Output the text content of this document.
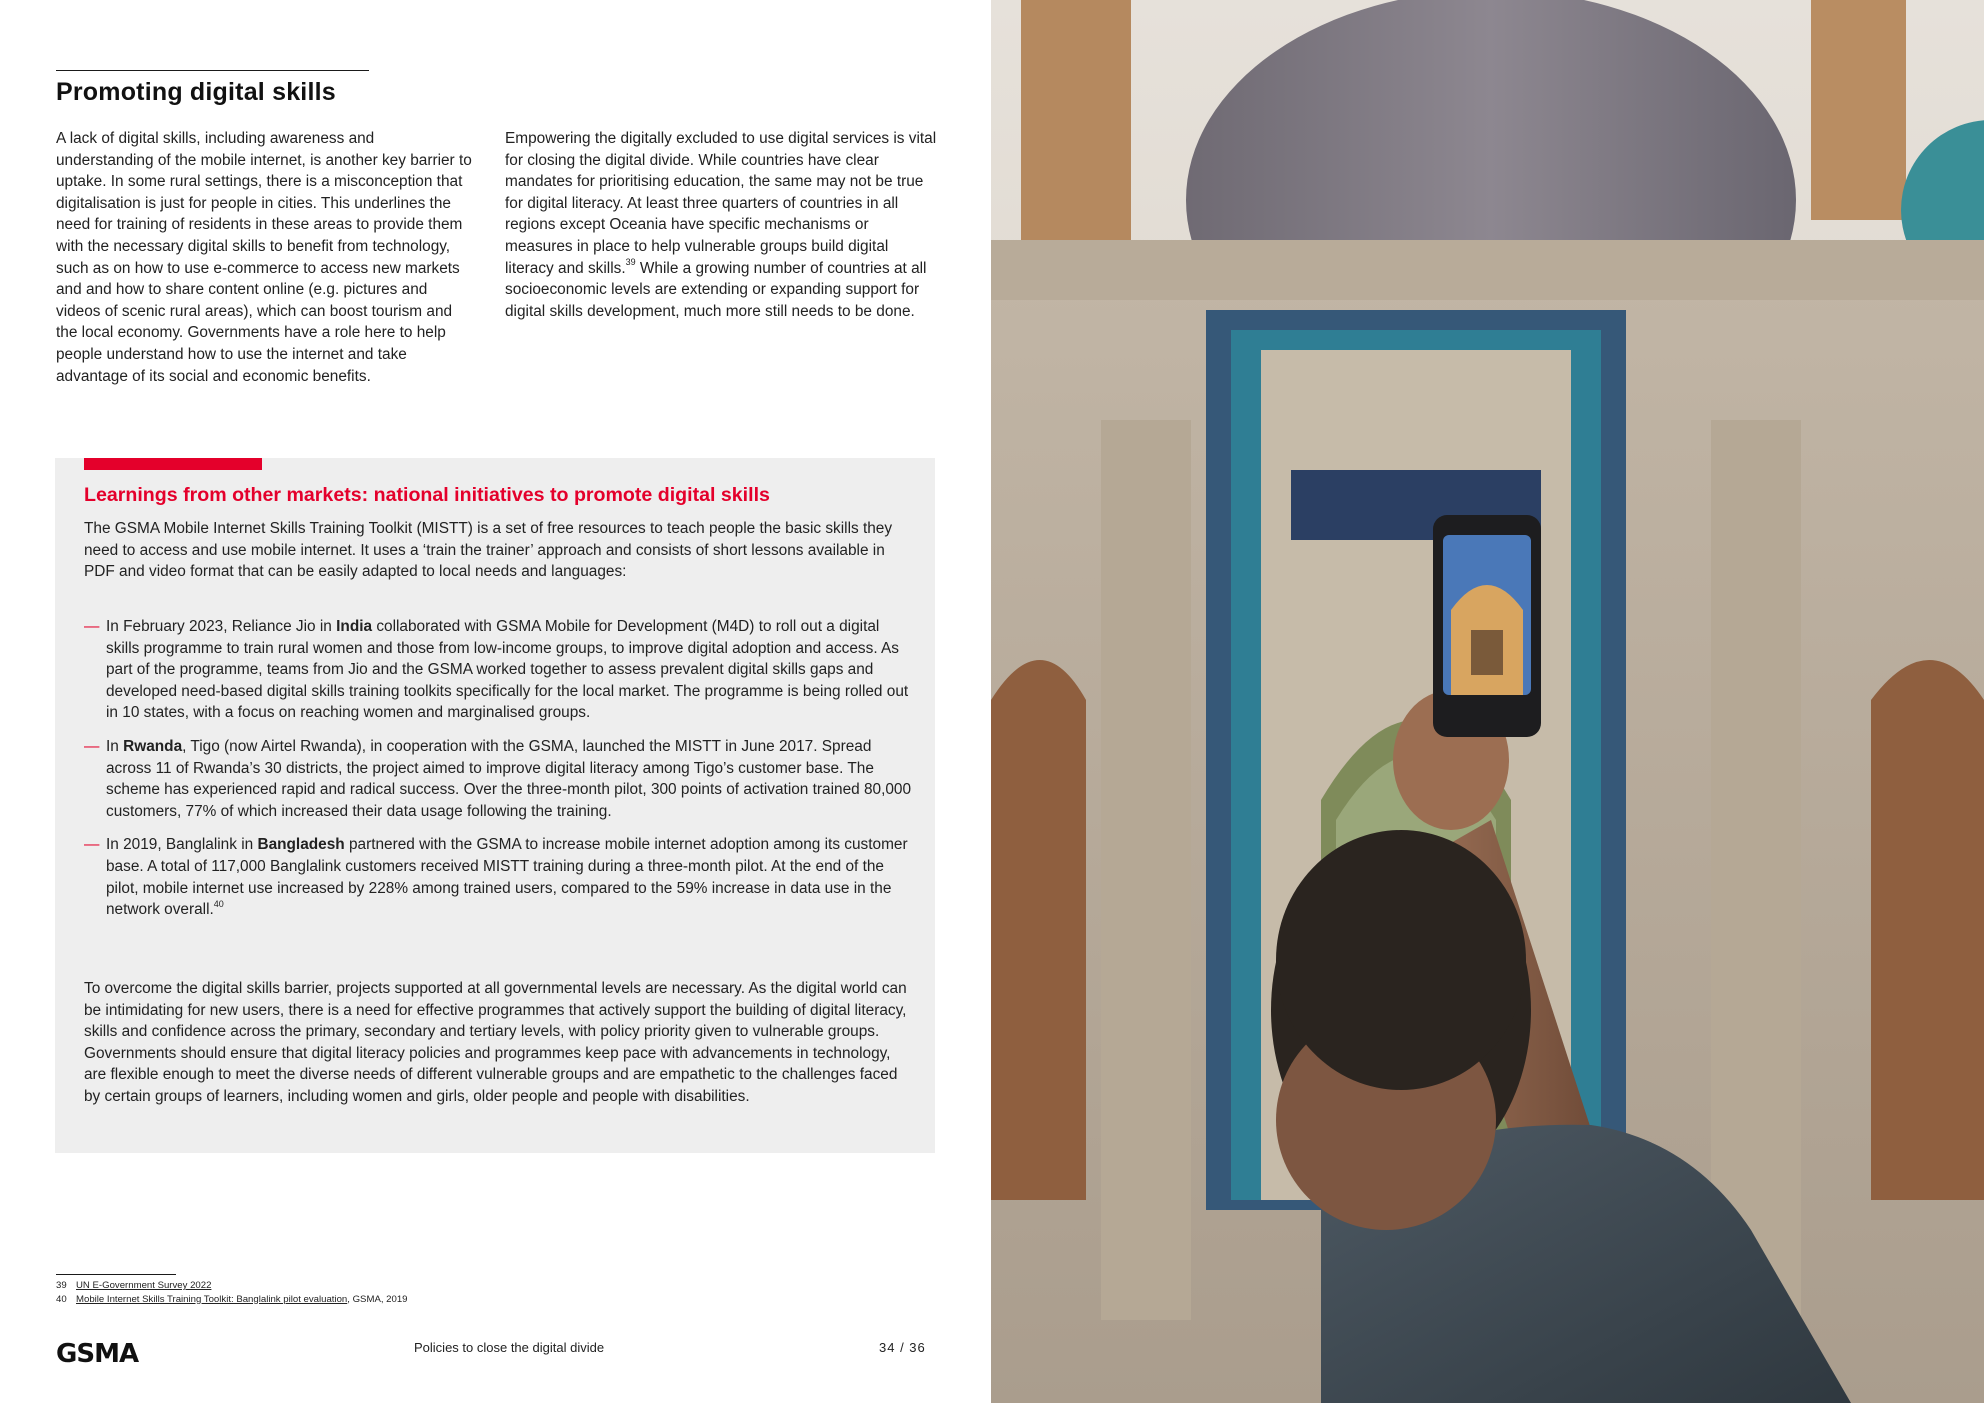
Promoting digital skills

A lack of digital skills, including awareness and understanding of the mobile internet, is another key barrier to uptake. In some rural settings, there is a misconception that digitalisation is just for people in cities. This underlines the need for training of residents in these areas to provide them with the necessary digital skills to benefit from technology, such as on how to use e-commerce to access new markets and and how to share content online (e.g. pictures and videos of scenic rural areas), which can boost tourism and the local economy. Governments have a role here to help people understand how to use the internet and take advantage of its social and economic benefits.

Empowering the digitally excluded to use digital services is vital for closing the digital divide. While countries have clear mandates for prioritising education, the same may not be true for digital literacy. At least three quarters of countries in all regions except Oceania have specific mechanisms or measures in place to help vulnerable groups build digital literacy and skills.$^{39}$ While a growing number of countries at all socioeconomic levels are extending or expanding support for digital skills development, much more still needs to be done.

Learnings from other markets: national initiatives to promote digital skills

The GSMA Mobile Internet Skills Training Toolkit (MISTT) is a set of free resources to teach people the basic skills they need to access and use mobile internet. It uses a ‘train the trainer’ approach and consists of short lessons available in PDF and video format that can be easily adapted to local needs and languages:

— In February 2023, Reliance Jio in India collaborated with GSMA Mobile for Development (M4D) to roll out a digital skills programme to train rural women and those from low-income groups, to improve digital adoption and access. As part of the programme, teams from Jio and the GSMA worked together to assess prevalent digital skills gaps and developed need-based digital skills training toolkits specifically for the local market. The programme is being rolled out in 10 states, with a focus on reaching women and marginalised groups.
— In Rwanda, Tigo (now Airtel Rwanda), in cooperation with the GSMA, launched the MISTT in June 2017. Spread across 11 of Rwanda’s 30 districts, the project aimed to improve digital literacy among Tigo’s customer base. The scheme has experienced rapid and radical success. Over the three-month pilot, 300 points of activation trained 80,000 customers, 77% of which increased their data usage following the training.
— In 2019, Banglalink in Bangladesh partnered with the GSMA to increase mobile internet adoption among its customer base. A total of 117,000 Banglalink customers received MISTT training during a three-month pilot. At the end of the pilot, mobile internet use increased by 228% among trained users, compared to the 59% increase in data use in the network overall.$^{40}$

To overcome the digital skills barrier, projects supported at all governmental levels are necessary. As the digital world can be intimidating for new users, there is a need for effective programmes that actively support the building of digital literacy, skills and confidence across the primary, secondary and tertiary levels, with policy priority given to vulnerable groups. Governments should ensure that digital literacy policies and programmes keep pace with advancements in technology, are flexible enough to meet the diverse needs of different vulnerable groups and are empathetic to the challenges faced by certain groups of learners, including women and girls, older people and people with disabilities.

39 UN E-Government Survey 2022
40 Mobile Internet Skills Training Toolkit: Banglalink pilot evaluation, GSMA, 2019
GSMA	Policies to close the digital divide	34 / 36
